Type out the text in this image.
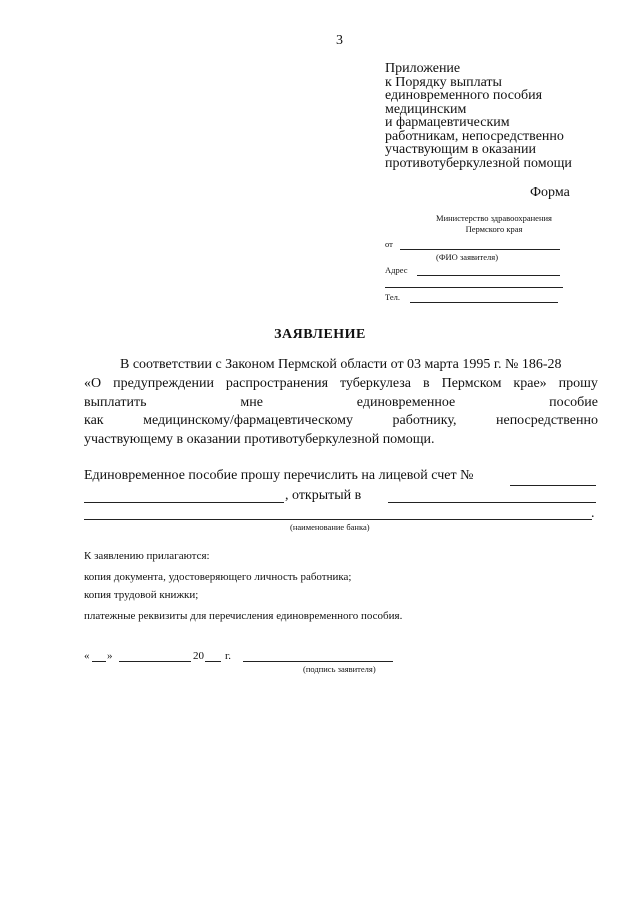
3
Приложение
к Порядку выплаты
единовременного пособия
медицинским
и фармацевтическим
работникам, непосредственно
участвующим в оказании
противотуберкулезной помощи
Форма
Министерство здравоохранения
Пермского края
от
(ФИО заявителя)
Адрес
Тел.
ЗАЯВЛЕНИЕ
В соответствии с Законом Пермской области от 03 марта 1995 г. № 186-28
«О предупреждении распространения туберкулеза в Пермском крае» прошу
выплатить	мне	единовременное	пособие
как	медицинскому/фармацевтическому	работнику,	непосредственно
участвующему в оказании противотуберкулезной помощи.
Единовременное пособие прошу перечислить на лицевой счет №
, открытый в
.
(наименование банка)
К заявлению прилагаются:
копия документа, удостоверяющего личность работника;
копия трудовой книжки;
платежные реквизиты для перечисления единовременного пособия.
« »	20 г.
(подпись заявителя)
